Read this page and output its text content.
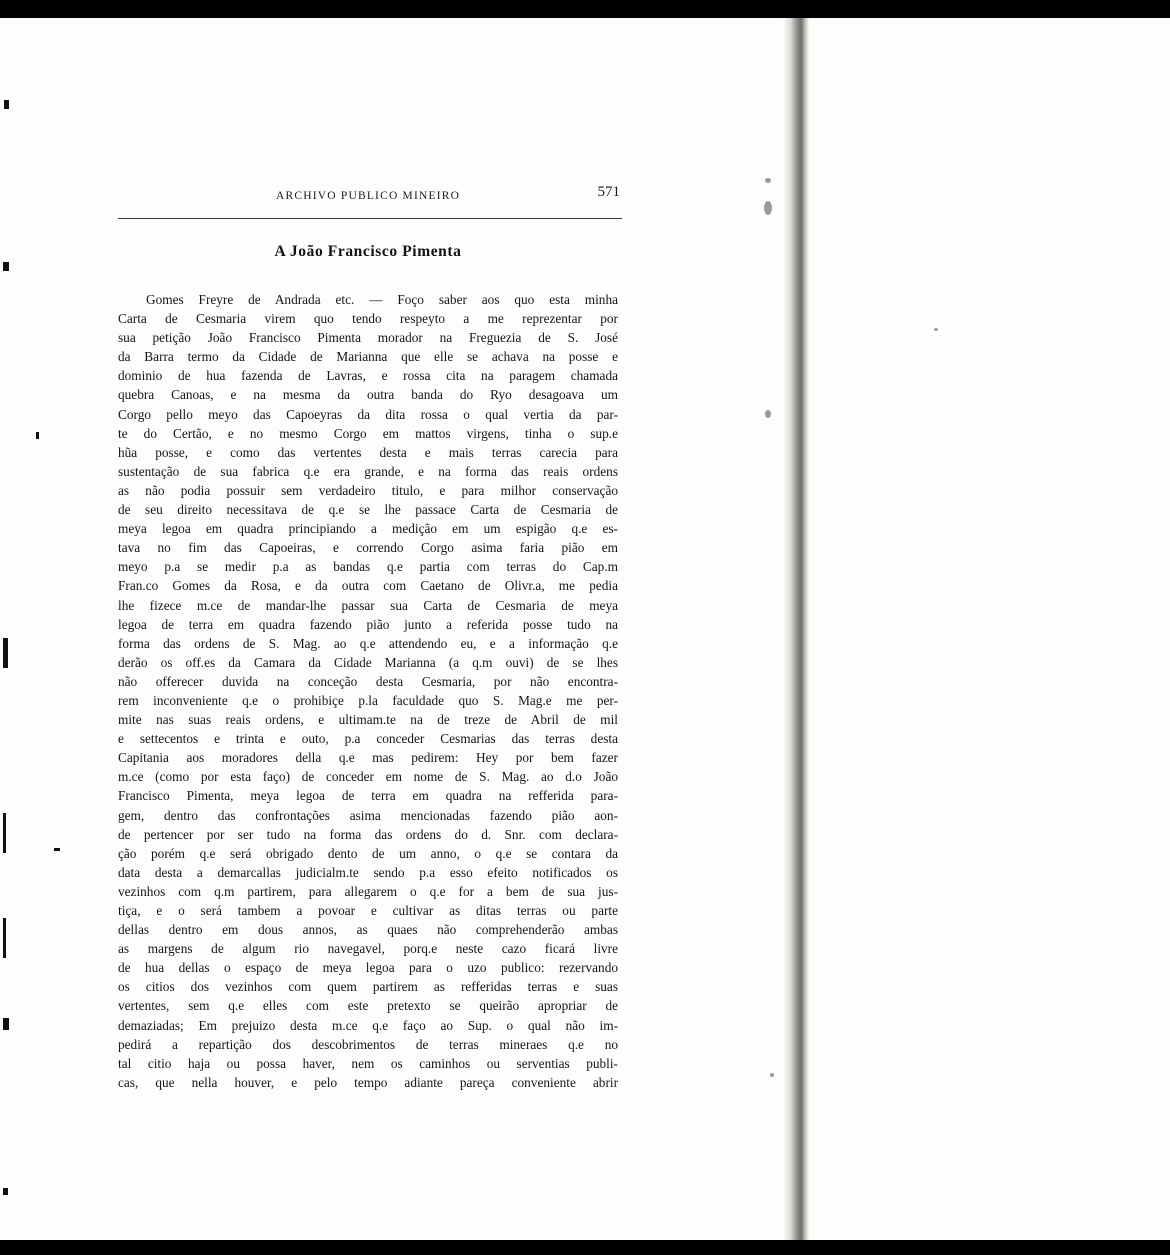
ARCHIVO PUBLICO MINEIRO	571
A João Francisco Pimenta
Gomes Freyre de Andrada etc. — Foço saber aos quo esta minha
Carta de Cesmaria virem quo tendo respeyto a me reprezentar por
sua petição João Francisco Pimenta morador na Freguezia de S. José
da Barra termo da Cidade de Marianna que elle se achava na posse e
dominio de hua fazenda de Lavras, e rossa cita na paragem chamada
quebra Canoas, e na mesma da outra banda do Ryo desagoava um
Corgo pello meyo das Capoeyras da dita rossa o qual vertia da par-
te do Certão, e no mesmo Corgo em mattos virgens, tinha o sup.e
hũa posse, e como das vertentes desta e mais terras carecia para
sustentação de sua fabrica q.e era grande, e na forma das reais ordens
as não podia possuir sem verdadeiro titulo, e para milhor conservação
de seu direito necessitava de q.e se lhe passace Carta de Cesmaria de
meya legoa em quadra principiando a medição em um espigão q.e es-
tava no fim das Capoeiras, e correndo Corgo asima faria pião em
meyo p.a se medir p.a as bandas q.e partia com terras do Cap.m
Fran.co Gomes da Rosa, e da outra com Caetano de Olivr.a, me pedia
lhe fizece m.ce de mandar-lhe passar sua Carta de Cesmaria de meya
legoa de terra em quadra fazendo pião junto a referida posse tudo na
forma das ordens de S. Mag. ao q.e attendendo eu, e a informação q.e
derão os off.es da Camara da Cidade Marianna (a q.m ouvi) de se lhes
não offerecer duvida na conceção desta Cesmaria, por não encontra-
rem inconveniente q.e o prohibiçe p.la faculdade quo S. Mag.e me per-
mite nas suas reais ordens, e ultimam.te na de treze de Abril de mil
e settecentos e trinta e outo, p.a conceder Cesmarias das terras desta
Capitania aos moradores della q.e mas pedirem: Hey por bem fazer
m.ce (como por esta faço) de conceder em nome de S. Mag. ao d.o João
Francisco Pimenta, meya legoa de terra em quadra na refferida para-
gem, dentro das confrontações asima mencionadas fazendo pião aon-
de pertencer por ser tudo na forma das ordens do d. Snr. com declara-
ção porém q.e será obrigado dento de um anno, o q.e se contara da
data desta a demarcallas judicialm.te sendo p.a esso efeito notificados os
vezinhos com q.m partirem, para allegarem o q.e for a bem de sua jus-
tiça, e o será tambem a povoar e cultivar as ditas terras ou parte
dellas dentro em dous annos, as quaes não comprehenderão ambas
as margens de algum rio navegavel, porq.e neste cazo ficará livre
de hua dellas o espaço de meya legoa para o uzo publico: rezervando
os citios dos vezinhos com quem partirem as refferidas terras e suas
vertentes, sem q.e elles com este pretexto se queirão apropriar de
demaziadas; Em prejuizo desta m.ce q.e faço ao Sup. o qual não im-
pedirá a repartição dos descobrimentos de terras mineraes q.e no
tal citio haja ou possa haver, nem os caminhos ou serventias publi-
cas, que nella houver, e pelo tempo adiante pareça conveniente abrir
